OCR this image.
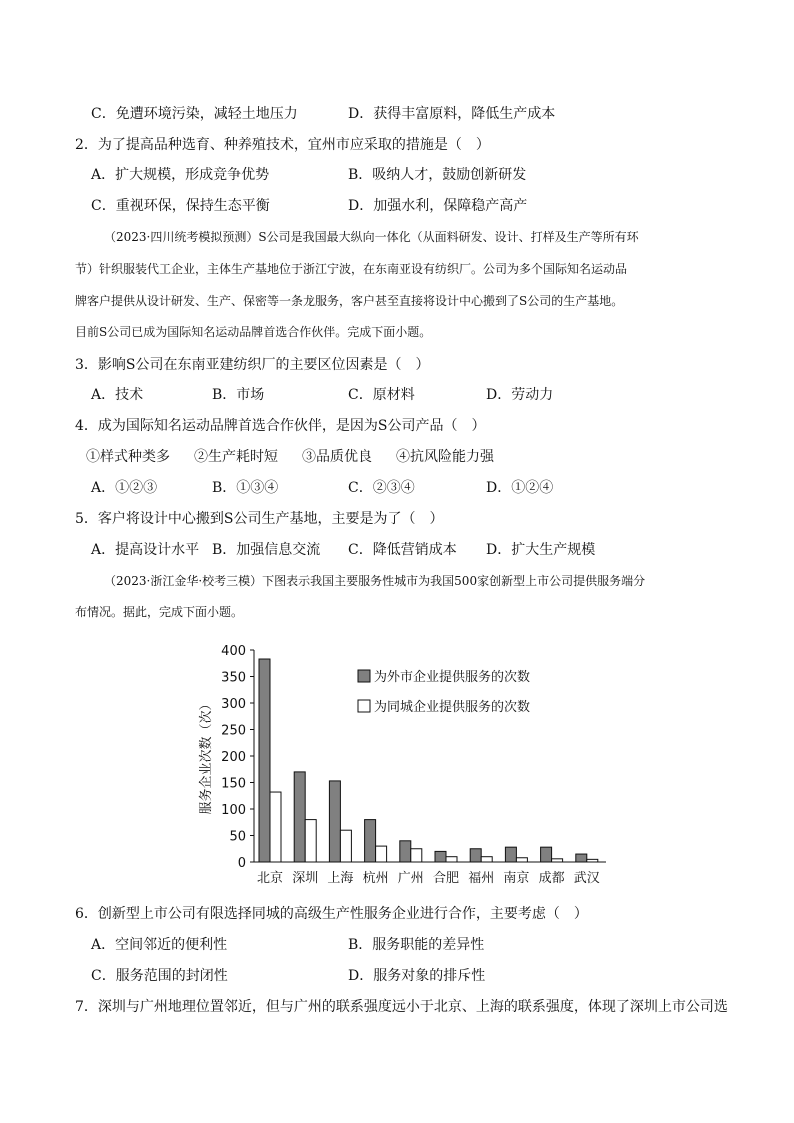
C．免遭环境污染，减轻土地压力	D．获得丰富原料，降低生产成本
2．为了提高品种选育、种养殖技术，宜州市应采取的措施是（　）
A．扩大规模，形成竞争优势	B．吸纳人才，鼓励创新研发
C．重视环保，保持生态平衡	D．加强水利，保障稳产高产
（2023·四川统考模拟预测）S公司是我国最大纵向一体化（从面料研发、设计、打样及生产等所有环
节）针织服装代工企业，主体生产基地位于浙江宁波，在东南亚设有纺织厂。公司为多个国际知名运动品
牌客户提供从设计研发、生产、保密等一条龙服务，客户甚至直接将设计中心搬到了S公司的生产基地。
目前S公司已成为国际知名运动品牌首选合作伙伴。完成下面小题。
3．影响S公司在东南亚建纺织厂的主要区位因素是（　）
A．技术	B．市场	C．原材料	D．劳动力
4．成为国际知名运动品牌首选合作伙伴，是因为S公司产品（　）
①样式种类多 ②生产耗时短 ③品质优良 ④抗风险能力强
A．①②③	B．①③④	C．②③④	D．①②④
5．客户将设计中心搬到S公司生产基地，主要是为了（　）
A．提高设计水平 B．加强信息交流 C．降低营销成本 D．扩大生产规模
（2023·浙江金华·校考三模）下图表示我国主要服务性城市为我国500家创新型上市公司提供服务端分
布情况。据此，完成下面小题。
0
50
100
150
200
250
300
350
400
北京 深圳 上海 杭州 广州 合肥 福州 南京 成都 武汉
为外市企业提供服务的次数
为同城企业提供服务的次数
服务企业次数（次）
6．创新型上市公司有限选择同城的高级生产性服务企业进行合作，主要考虑（　）
A．空间邻近的便利性	B．服务职能的差异性
C．服务范围的封闭性	D．服务对象的排斥性
7．深圳与广州地理位置邻近，但与广州的联系强度远小于北京、上海的联系强度，体现了深圳上市公司选
